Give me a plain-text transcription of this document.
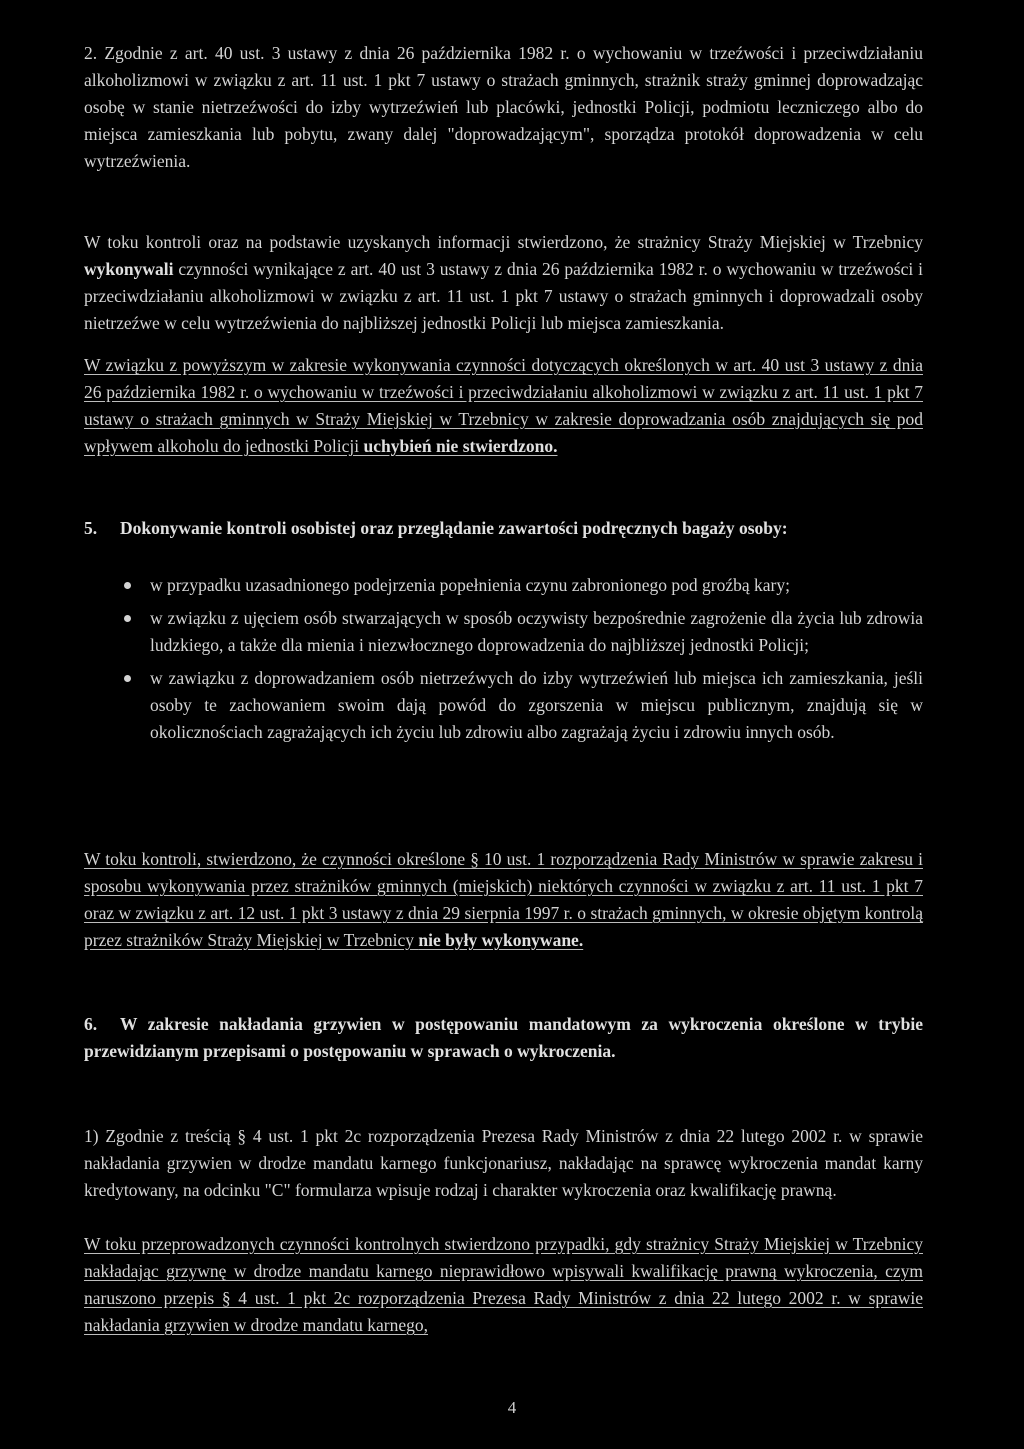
2. Zgodnie z art. 40 ust. 3 ustawy z dnia 26 października 1982 r. o wychowaniu w trzeźwości i przeciwdziałaniu alkoholizmowi w związku z art. 11 ust. 1 pkt 7 ustawy o strażach gminnych, strażnik straży gminnej doprowadzając osobę w stanie nietrzeźwości do izby wytrzeźwień lub placówki, jednostki Policji, podmiotu leczniczego albo do miejsca zamieszkania lub pobytu, zwany dalej "doprowadzającym", sporządza protokół doprowadzenia w celu wytrzeźwienia.
W toku kontroli oraz na podstawie uzyskanych informacji stwierdzono, że strażnicy Straży Miejskiej w Trzebnicy wykonywali czynności wynikające z art. 40 ust 3 ustawy z dnia 26 października 1982 r. o wychowaniu w trzeźwości i przeciwdziałaniu alkoholizmowi w związku z art. 11 ust. 1 pkt 7 ustawy o strażach gminnych i doprowadzali osoby nietrzeźwe w celu wytrzeźwienia do najbliższej jednostki Policji lub miejsca zamieszkania.
W związku z powyższym w zakresie wykonywania czynności dotyczących określonych w art. 40 ust 3 ustawy z dnia 26 października 1982 r. o wychowaniu w trzeźwości i przeciwdziałaniu alkoholizmowi w związku z art. 11 ust. 1 pkt 7 ustawy o strażach gminnych w Straży Miejskiej w Trzebnicy w zakresie doprowadzania osób znajdujących się pod wpływem alkoholu do jednostki Policji uchybień nie stwierdzono.
5. Dokonywanie kontroli osobistej oraz przeglądanie zawartości podręcznych bagaży osoby:
w przypadku uzasadnionego podejrzenia popełnienia czynu zabronionego pod groźbą kary;
w związku z ujęciem osób stwarzających w sposób oczywisty bezpośrednie zagrożenie dla życia lub zdrowia ludzkiego, a także dla mienia i niezwłocznego doprowadzenia do najbliższej jednostki Policji;
w zawiązku z doprowadzaniem osób nietrzeźwych do izby wytrzeźwień lub miejsca ich zamieszkania, jeśli osoby te zachowaniem swoim dają powód do zgorszenia w miejscu publicznym, znajdują się w okolicznościach zagrażających ich życiu lub zdrowiu albo zagrażają życiu i zdrowiu innych osób.
W toku kontroli, stwierdzono, że czynności określone § 10 ust. 1 rozporządzenia Rady Ministrów w sprawie zakresu i sposobu wykonywania przez strażników gminnych (miejskich) niektórych czynności w związku z art. 11 ust. 1 pkt 7 oraz w związku z art. 12 ust. 1 pkt 3 ustawy z dnia 29 sierpnia 1997 r. o strażach gminnych, w okresie objętym kontrolą przez strażników Straży Miejskiej w Trzebnicy nie były wykonywane.
6. W zakresie nakładania grzywien w postępowaniu mandatowym za wykroczenia określone w trybie przewidzianym przepisami o postępowaniu w sprawach o wykroczenia.
1) Zgodnie z treścią § 4 ust. 1 pkt 2c rozporządzenia Prezesa Rady Ministrów z dnia 22 lutego 2002 r. w sprawie nakładania grzywien w drodze mandatu karnego funkcjonariusz, nakładając na sprawcę wykroczenia mandat karny kredytowany, na odcinku "C" formularza wpisuje rodzaj i charakter wykroczenia oraz kwalifikację prawną.
W toku przeprowadzonych czynności kontrolnych stwierdzono przypadki, gdy strażnicy Straży Miejskiej w Trzebnicy nakładając grzywnę w drodze mandatu karnego nieprawidłowo wpisywali kwalifikację prawną wykroczenia, czym naruszono przepis § 4 ust. 1 pkt 2c rozporządzenia Prezesa Rady Ministrów z dnia 22 lutego 2002 r. w sprawie nakładania grzywien w drodze mandatu karnego,
4
